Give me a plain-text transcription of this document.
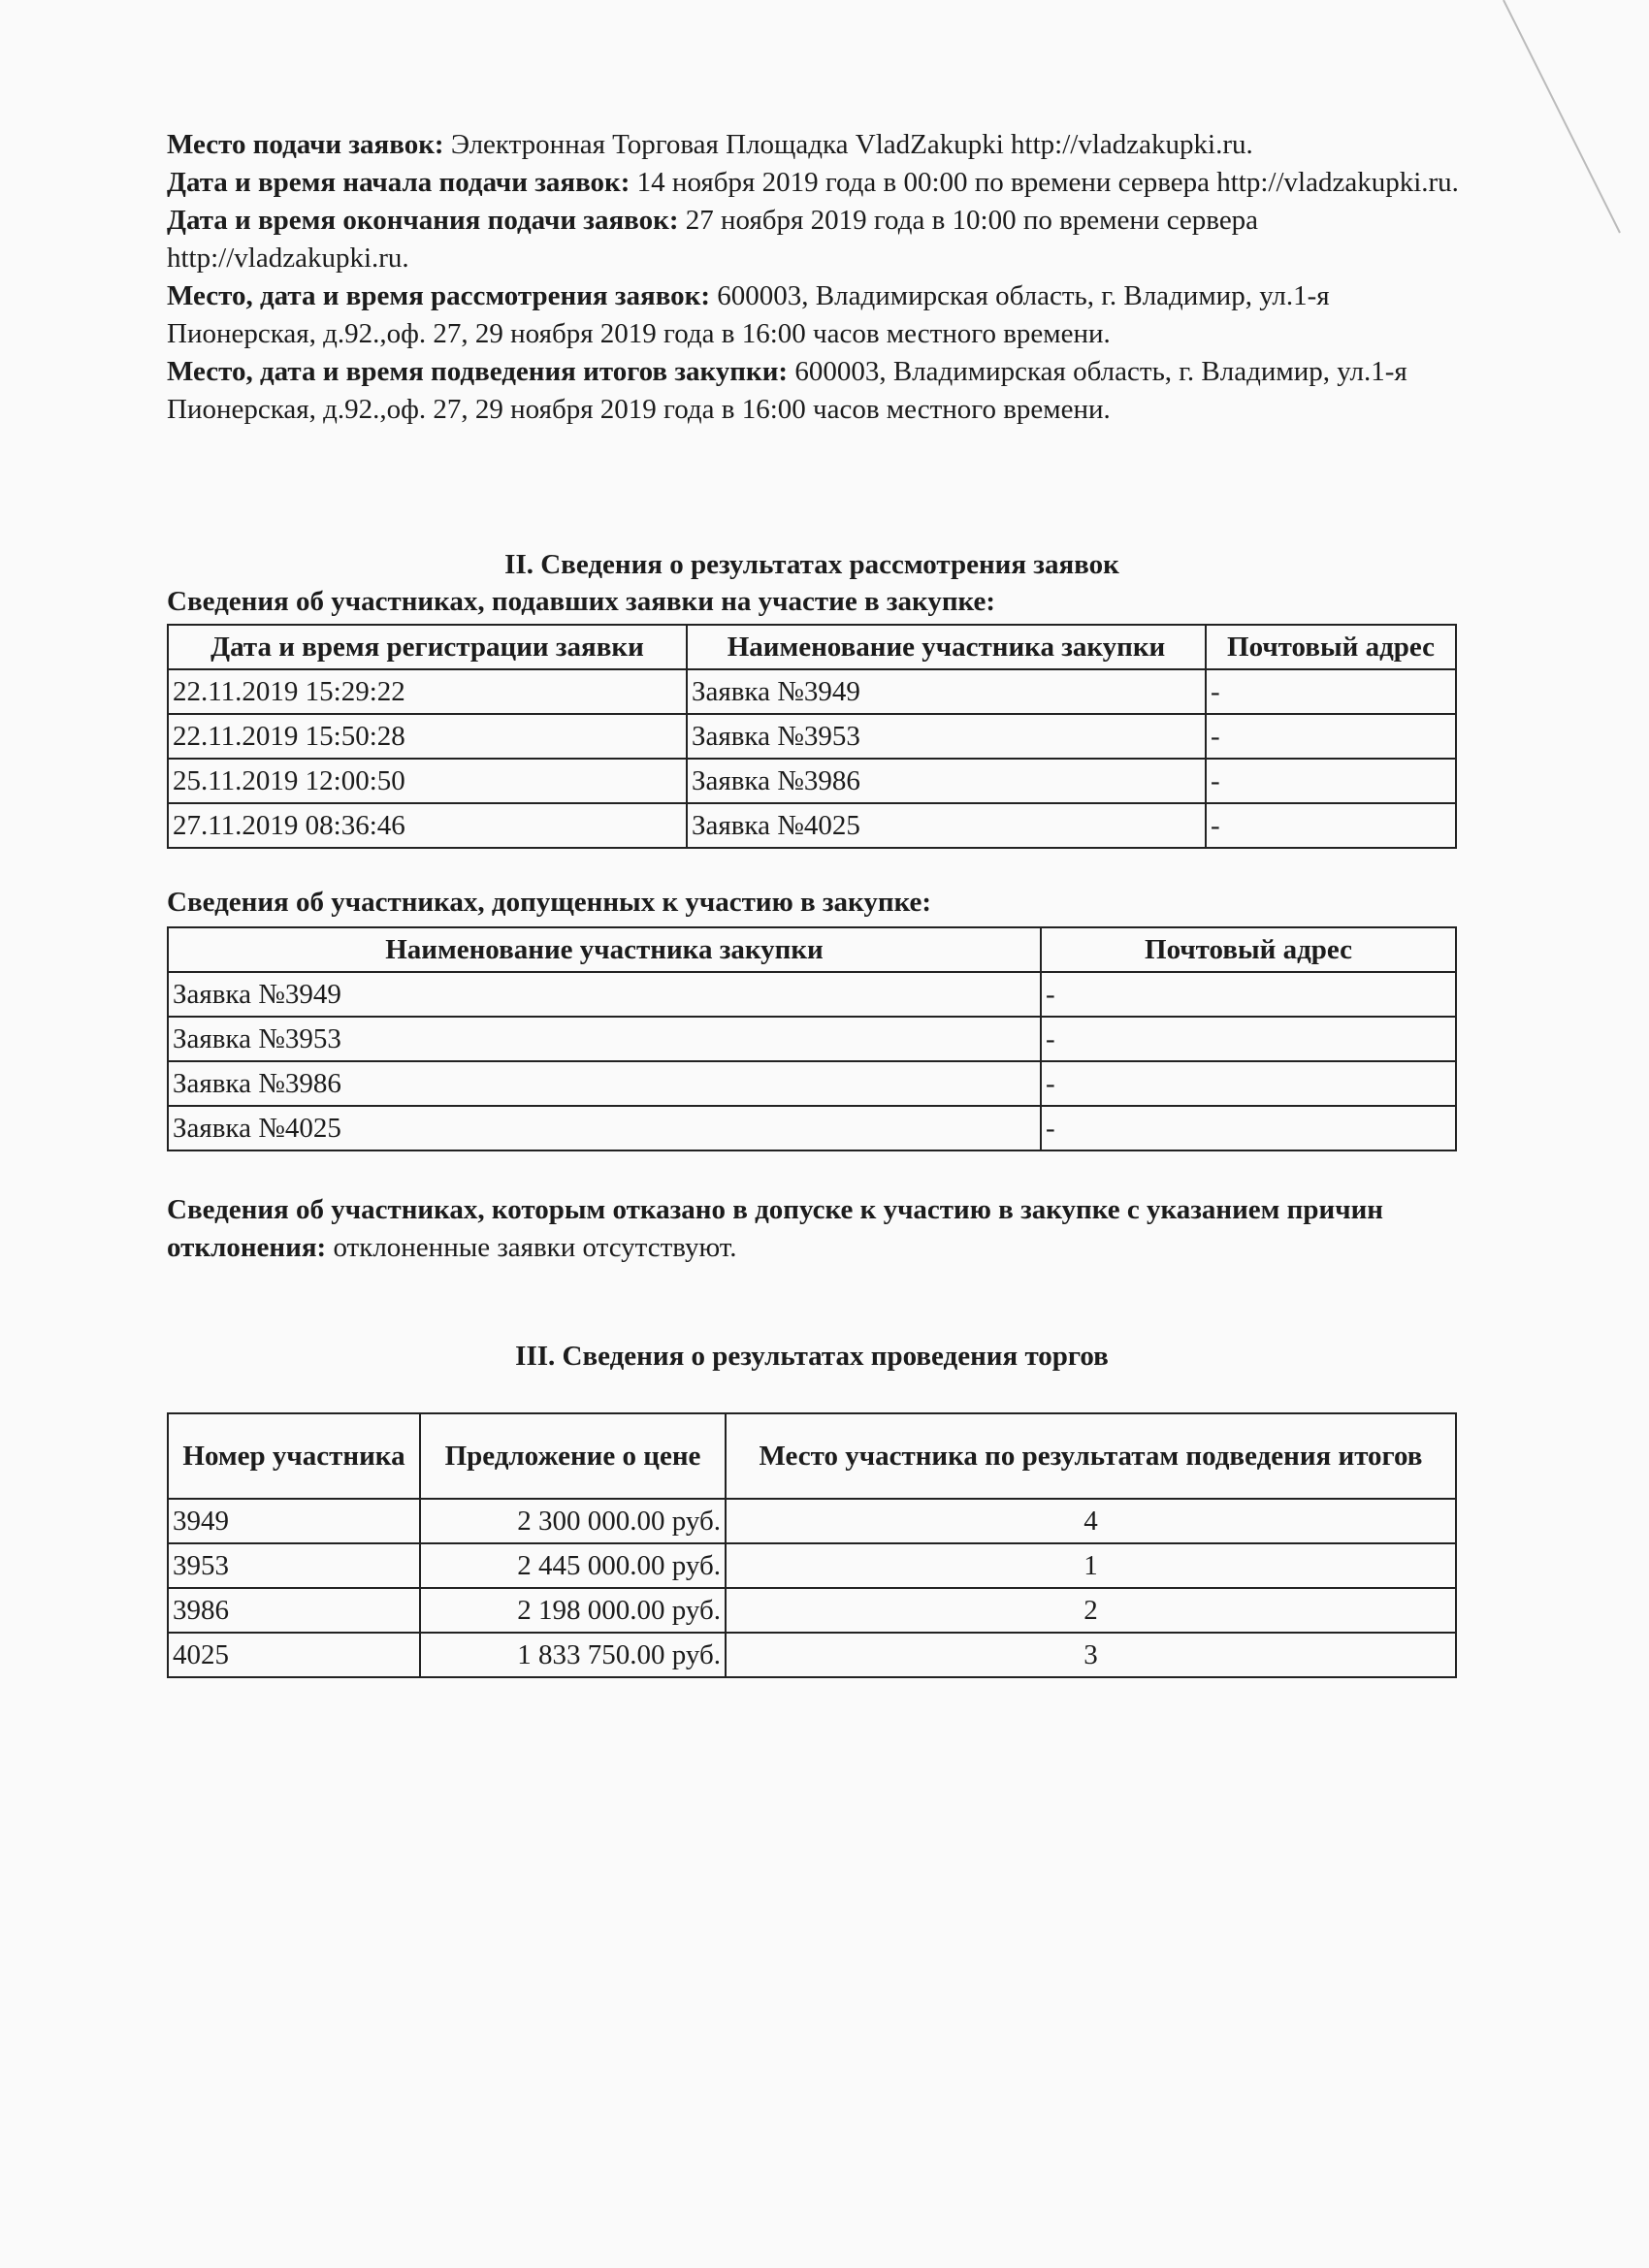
Место подачи заявок: Электронная Торговая Площадка VladZakupki http://vladzakupki.ru.
Дата и время начала подачи заявок: 14 ноября 2019 года в 00:00 по времени сервера http://vladzakupki.ru.
Дата и время окончания подачи заявок: 27 ноября 2019 года в 10:00 по времени сервера http://vladzakupki.ru.
Место, дата и время рассмотрения заявок: 600003, Владимирская область, г. Владимир, ул.1-я Пионерская, д.92.,оф. 27, 29 ноября 2019 года в 16:00 часов местного времени.
Место, дата и время подведения итогов закупки: 600003, Владимирская область, г. Владимир, ул.1-я Пионерская, д.92.,оф. 27, 29 ноября 2019 года в 16:00 часов местного времени.
II. Сведения о результатах рассмотрения заявок
Сведения об участниках, подавших заявки на участие в закупке:
Дата и время регистрации заявки	Наименование участника закупки	Почтовый адрес
22.11.2019 15:29:22	Заявка №3949	-
22.11.2019 15:50:28	Заявка №3953	-
25.11.2019 12:00:50	Заявка №3986	-
27.11.2019 08:36:46	Заявка №4025	-
Сведения об участниках, допущенных к участию в закупке:
Наименование участника закупки	Почтовый адрес
Заявка №3949	-
Заявка №3953	-
Заявка №3986	-
Заявка №4025	-
Сведения об участниках, которым отказано в допуске к участию в закупке с указанием причин отклонения: отклоненные заявки отсутствуют.
III. Сведения о результатах проведения торгов
Номер участника	Предложение о цене	Место участника по результатам подведения итогов
3949	2 300 000.00 руб.	4
3953	2 445 000.00 руб.	1
3986	2 198 000.00 руб.	2
4025	1 833 750.00 руб.	3
